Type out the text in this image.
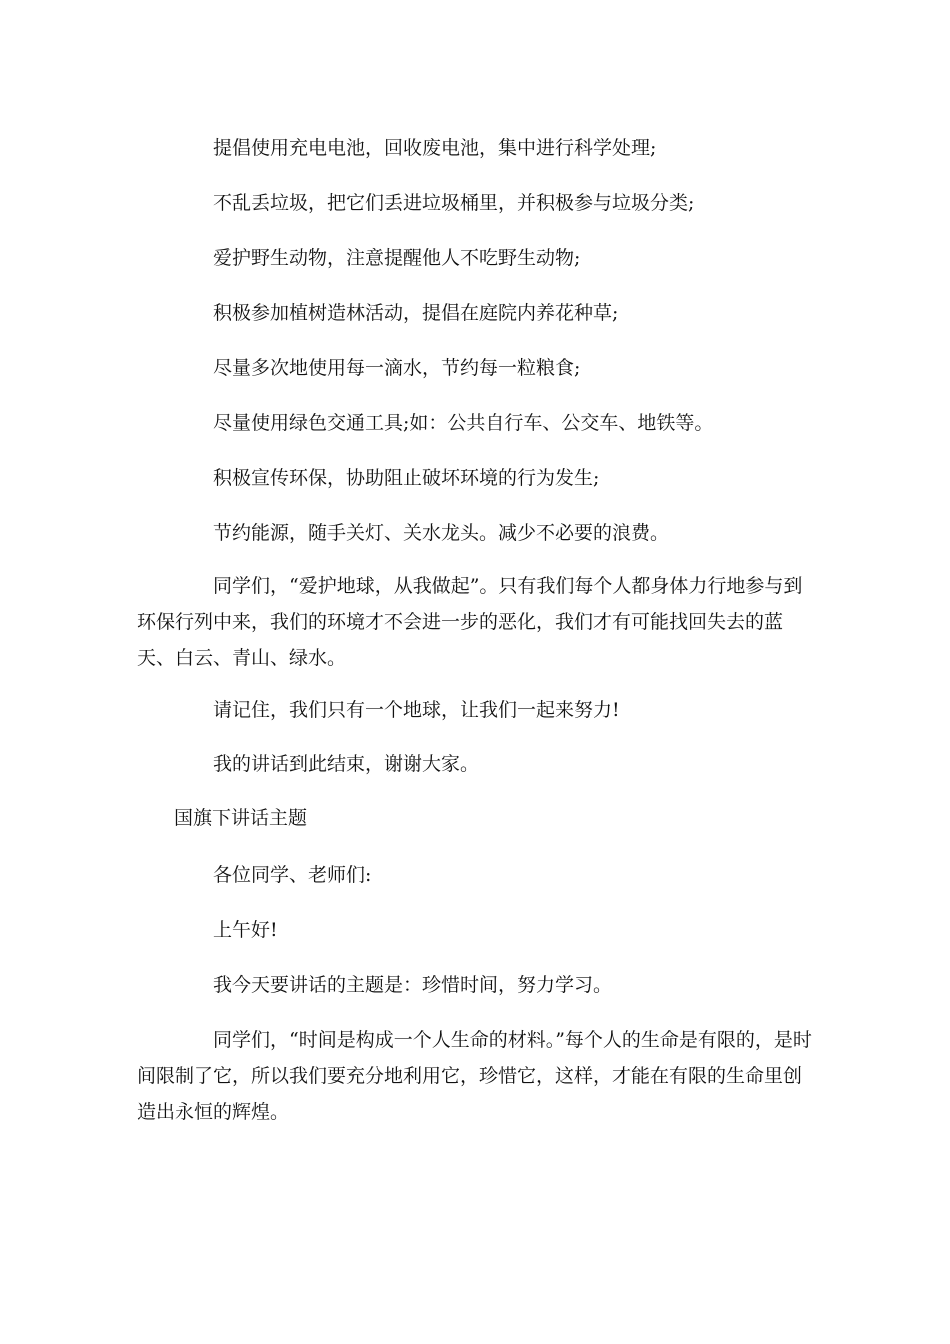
提倡使用充电电池，回收废电池，集中进行科学处理;

不乱丢垃圾，把它们丢进垃圾桶里，并积极参与垃圾分类;

爱护野生动物，注意提醒他人不吃野生动物;

积极参加植树造林活动，提倡在庭院内养花种草;

尽量多次地使用每一滴水，节约每一粒粮食;

尽量使用绿色交通工具;如：公共自行车、公交车、地铁等。

积极宣传环保，协助阻止破坏环境的行为发生;

节约能源，随手关灯、关水龙头。减少不必要的浪费。

同学们，“爱护地球，从我做起”。只有我们每个人都身体力行地参与到环保行列中来，我们的环境才不会进一步的恶化，我们才有可能找回失去的蓝天、白云、青山、绿水。

请记住，我们只有一个地球，让我们一起来努力!

我的讲话到此结束，谢谢大家。

国旗下讲话主题

各位同学、老师们:

上午好!

我今天要讲话的主题是：珍惜时间，努力学习。

同学们，“时间是构成一个人生命的材料。”每个人的生命是有限的，是时间限制了它，所以我们要充分地利用它，珍惜它，这样，才能在有限的生命里创造出永恒的辉煌。
